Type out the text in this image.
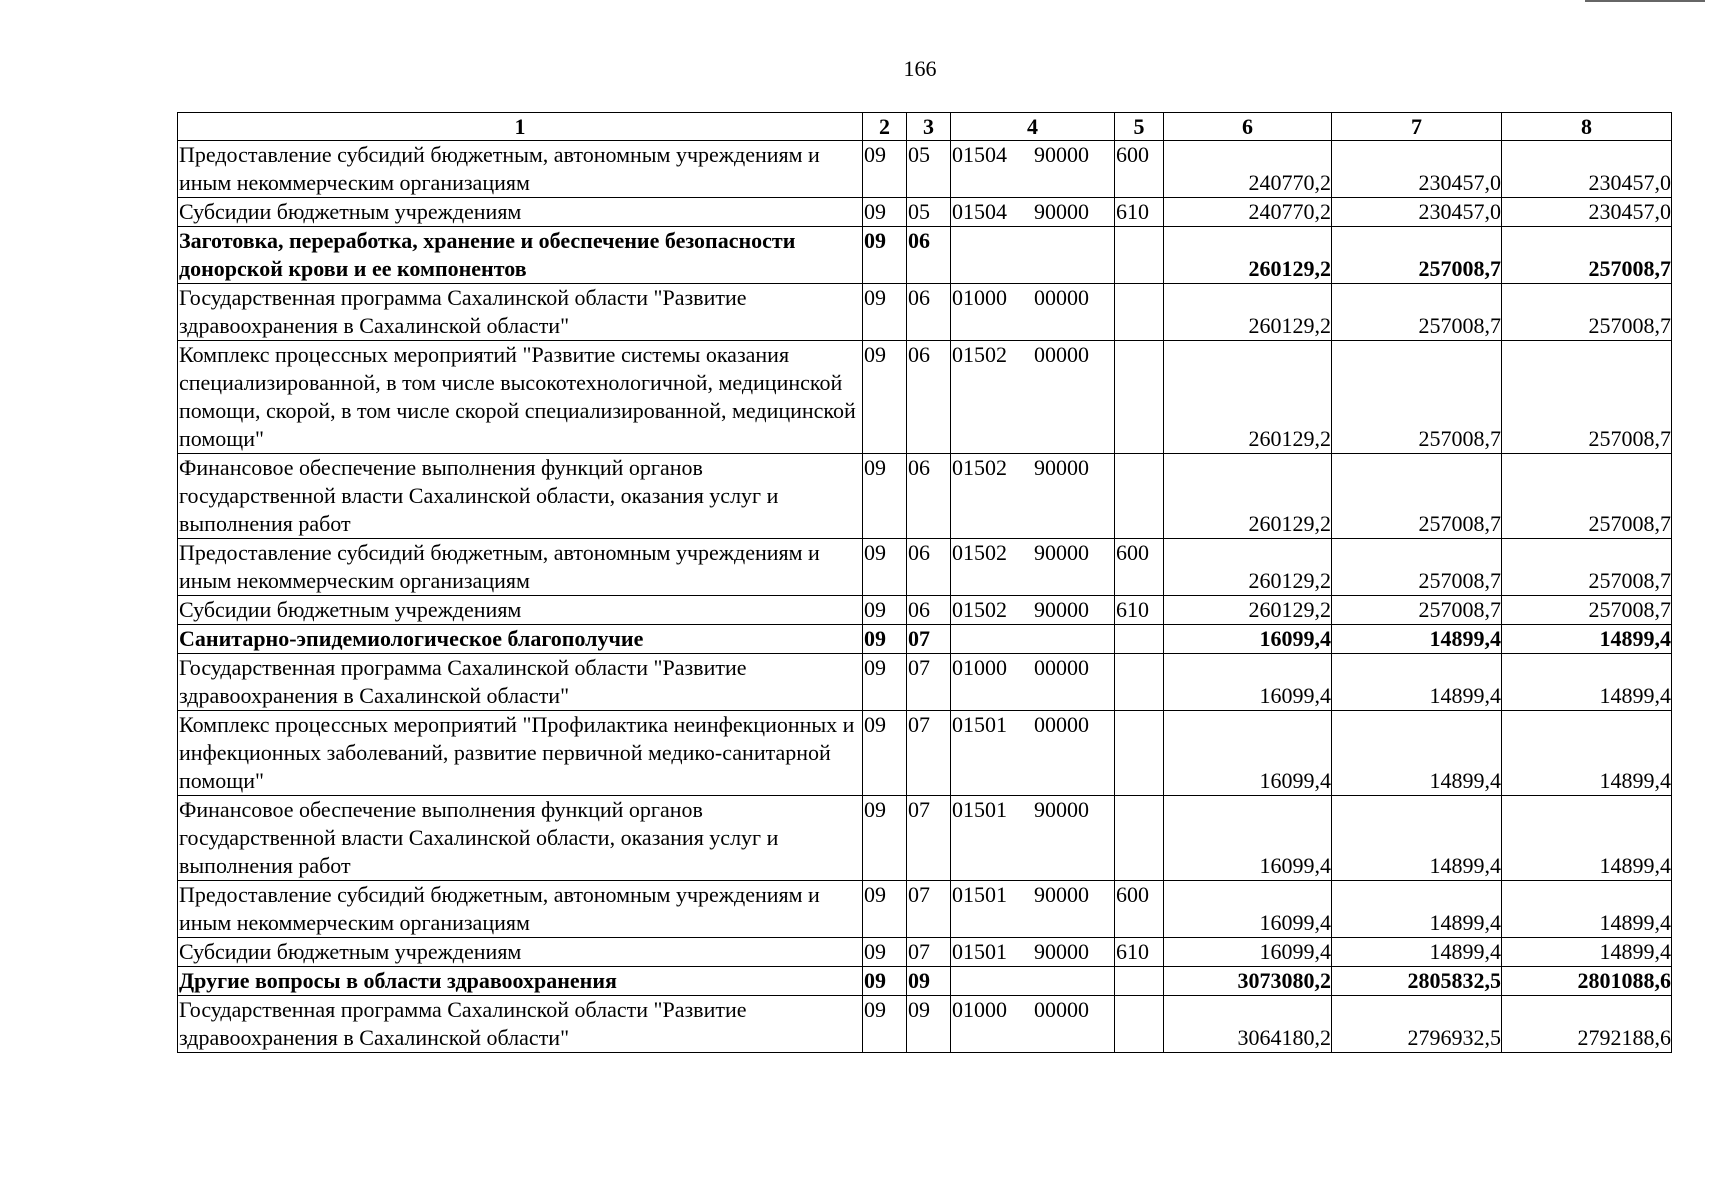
166
1	2	3	4	5	6	7	8
Предоставление субсидий бюджетным, автономным учреждениям и иным некоммерческим организациям	09	05	01504 90000	600	240770,2	230457,0	230457,0
Субсидии бюджетным учреждениям	09	05	01504 90000	610	240770,2	230457,0	230457,0
Заготовка, переработка, хранение и обеспечение безопасности донорской крови и ее компонентов	09	06			260129,2	257008,7	257008,7
Государственная программа Сахалинской области "Развитие здравоохранения в Сахалинской области"	09	06	01000 00000		260129,2	257008,7	257008,7
Комплекс процессных мероприятий "Развитие системы оказания специализированной, в том числе высокотехнологичной, медицинской помощи, скорой, в том числе скорой специализированной, медицинской помощи"	09	06	01502 00000		260129,2	257008,7	257008,7
Финансовое обеспечение выполнения функций органов государственной власти Сахалинской области, оказания услуг и выполнения работ	09	06	01502 90000		260129,2	257008,7	257008,7
Предоставление субсидий бюджетным, автономным учреждениям и иным некоммерческим организациям	09	06	01502 90000	600	260129,2	257008,7	257008,7
Субсидии бюджетным учреждениям	09	06	01502 90000	610	260129,2	257008,7	257008,7
Санитарно-эпидемиологическое благополучие	09	07			16099,4	14899,4	14899,4
Государственная программа Сахалинской области "Развитие здравоохранения в Сахалинской области"	09	07	01000 00000		16099,4	14899,4	14899,4
Комплекс процессных мероприятий "Профилактика неинфекционных и инфекционных заболеваний, развитие первичной медико-санитарной помощи"	09	07	01501 00000		16099,4	14899,4	14899,4
Финансовое обеспечение выполнения функций органов государственной власти Сахалинской области, оказания услуг и выполнения работ	09	07	01501 90000		16099,4	14899,4	14899,4
Предоставление субсидий бюджетным, автономным учреждениям и иным некоммерческим организациям	09	07	01501 90000	600	16099,4	14899,4	14899,4
Субсидии бюджетным учреждениям	09	07	01501 90000	610	16099,4	14899,4	14899,4
Другие вопросы в области здравоохранения	09	09			3073080,2	2805832,5	2801088,6
Государственная программа Сахалинской области "Развитие здравоохранения в Сахалинской области"	09	09	01000 00000		3064180,2	2796932,5	2792188,6
